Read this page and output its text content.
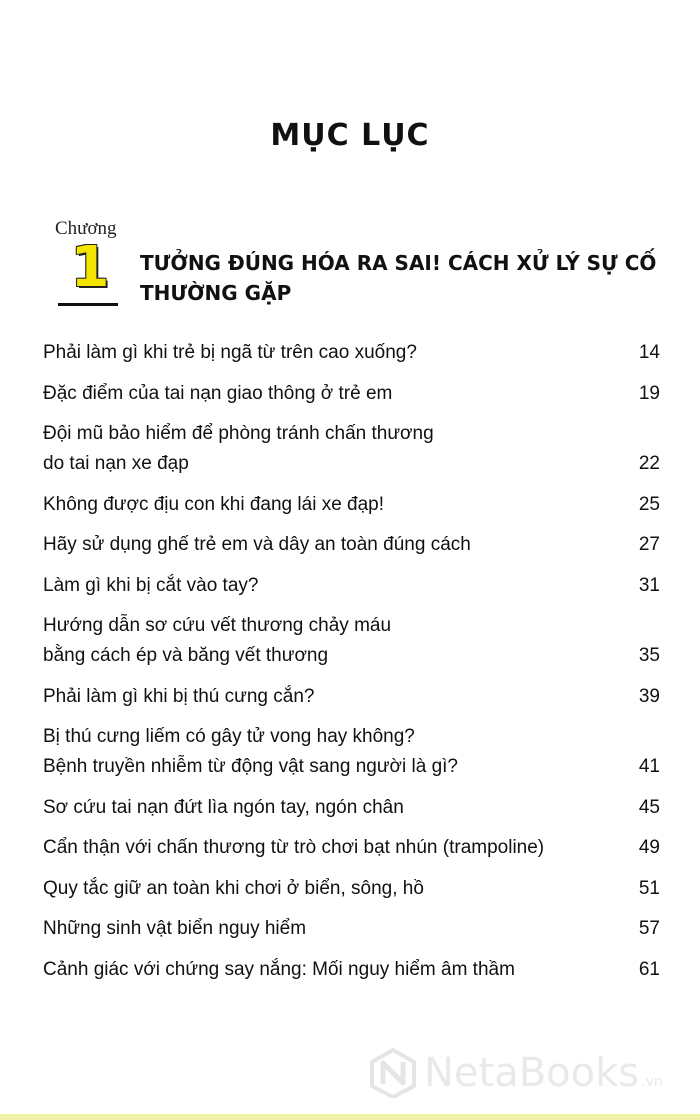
MỤC LỤC
Chương
1 TƯỞNG ĐÚNG HÓA RA SAI! CÁCH XỬ LÝ SỰ CỐ
THƯỜNG GẶP
Phải làm gì khi trẻ bị ngã từ trên cao xuống?	14
Đặc điểm của tai nạn giao thông ở trẻ em	19
Đội mũ bảo hiểm để phòng tránh chấn thương
do tai nạn xe đạp	22
Không được địu con khi đang lái xe đạp!	25
Hãy sử dụng ghế trẻ em và dây an toàn đúng cách	27
Làm gì khi bị cắt vào tay?	31
Hướng dẫn sơ cứu vết thương chảy máu
bằng cách ép và băng vết thương	35
Phải làm gì khi bị thú cưng cắn?	39
Bị thú cưng liếm có gây tử vong hay không?
Bệnh truyền nhiễm từ động vật sang người là gì?	41
Sơ cứu tai nạn đứt lìa ngón tay, ngón chân	45
Cẩn thận với chấn thương từ trò chơi bạt nhún (trampoline)	49
Quy tắc giữ an toàn khi chơi ở biển, sông, hồ	51
Những sinh vật biển nguy hiểm	57
Cảnh giác với chứng say nắng: Mối nguy hiểm âm thầm	61
NetaBooks .vn
